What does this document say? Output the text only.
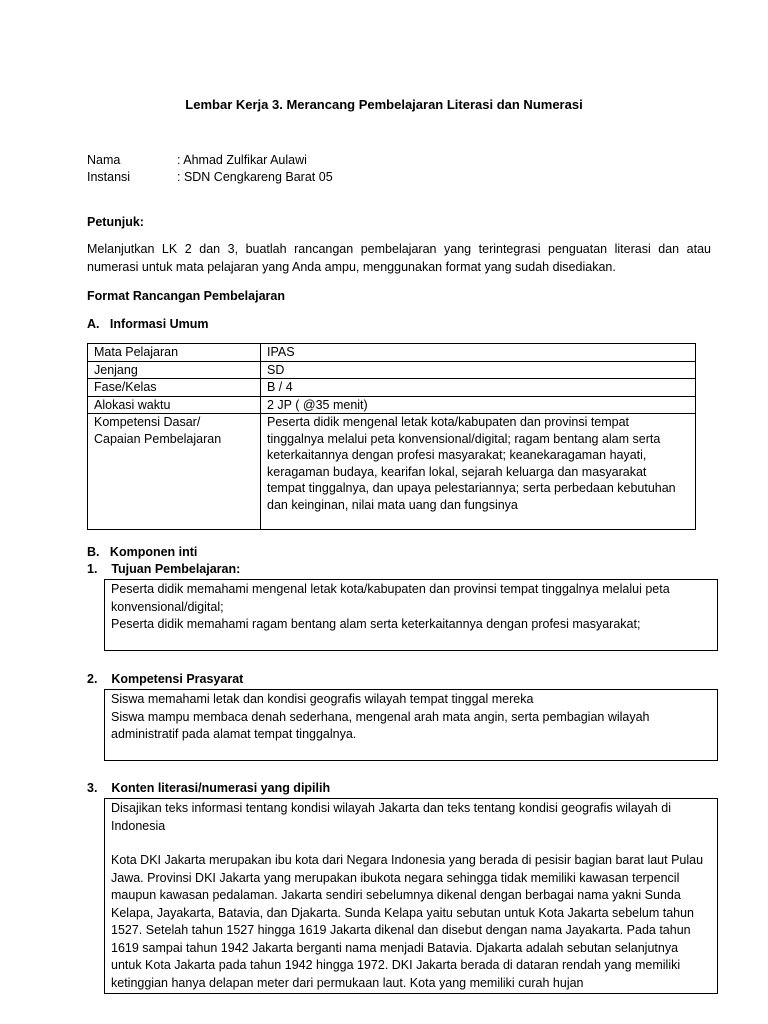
Lembar Kerja 3. Merancang Pembelajaran Literasi dan Numerasi
Nama	: Ahmad Zulfikar Aulawi
Instansi	: SDN Cengkareng Barat 05
Petunjuk:
Melanjutkan LK 2 dan 3, buatlah rancangan pembelajaran yang terintegrasi penguatan literasi dan atau numerasi untuk mata pelajaran yang Anda ampu, menggunakan format yang sudah disediakan.
Format Rancangan Pembelajaran
A.   Informasi Umum
Mata Pelajaran	IPAS
Jenjang	SD
Fase/Kelas	B / 4
Alokasi waktu	2 JP ( @35 menit)
Kompetensi Dasar/
Capaian Pembelajaran	Peserta didik mengenal letak kota/kabupaten dan provinsi tempat tinggalnya melalui peta konvensional/digital; ragam bentang alam serta keterkaitannya dengan profesi masyarakat; keanekaragaman hayati, keragaman budaya, kearifan lokal, sejarah keluarga dan masyarakat tempat tinggalnya, dan upaya pelestariannya; serta perbedaan kebutuhan dan keinginan, nilai mata uang dan fungsinya
B.   Komponen inti
1.    Tujuan Pembelajaran:

Peserta didik memahami mengenal letak kota/kabupaten dan provinsi tempat tinggalnya melalui peta konvensional/digital;

Peserta didik memahami ragam bentang alam serta keterkaitannya dengan profesi masyarakat;

2.    Kompetensi Prasyarat

Siswa memahami letak dan kondisi geografis wilayah tempat tinggal mereka

Siswa mampu membaca denah sederhana, mengenal arah mata angin, serta pembagian wilayah administratif pada alamat tempat tinggalnya.

3.    Konten literasi/numerasi yang dipilih

Disajikan teks informasi tentang kondisi wilayah Jakarta dan teks tentang kondisi geografis wilayah di Indonesia

Kota DKI Jakarta merupakan ibu kota dari Negara Indonesia yang berada di pesisir bagian barat laut Pulau Jawa. Provinsi DKI Jakarta yang merupakan ibukota negara sehingga tidak memiliki kawasan terpencil maupun kawasan pedalaman. Jakarta sendiri sebelumnya dikenal dengan berbagai nama yakni Sunda Kelapa, Jayakarta, Batavia, dan Djakarta. Sunda Kelapa yaitu sebutan untuk Kota Jakarta sebelum tahun 1527. Setelah tahun 1527 hingga 1619 Jakarta dikenal dan disebut dengan nama Jayakarta. Pada tahun 1619 sampai tahun 1942 Jakarta berganti nama menjadi Batavia. Djakarta adalah sebutan selanjutnya untuk Kota Jakarta pada tahun 1942 hingga 1972. DKI Jakarta berada di dataran rendah yang memiliki ketinggian hanya delapan meter dari permukaan laut. Kota yang memiliki curah hujan
